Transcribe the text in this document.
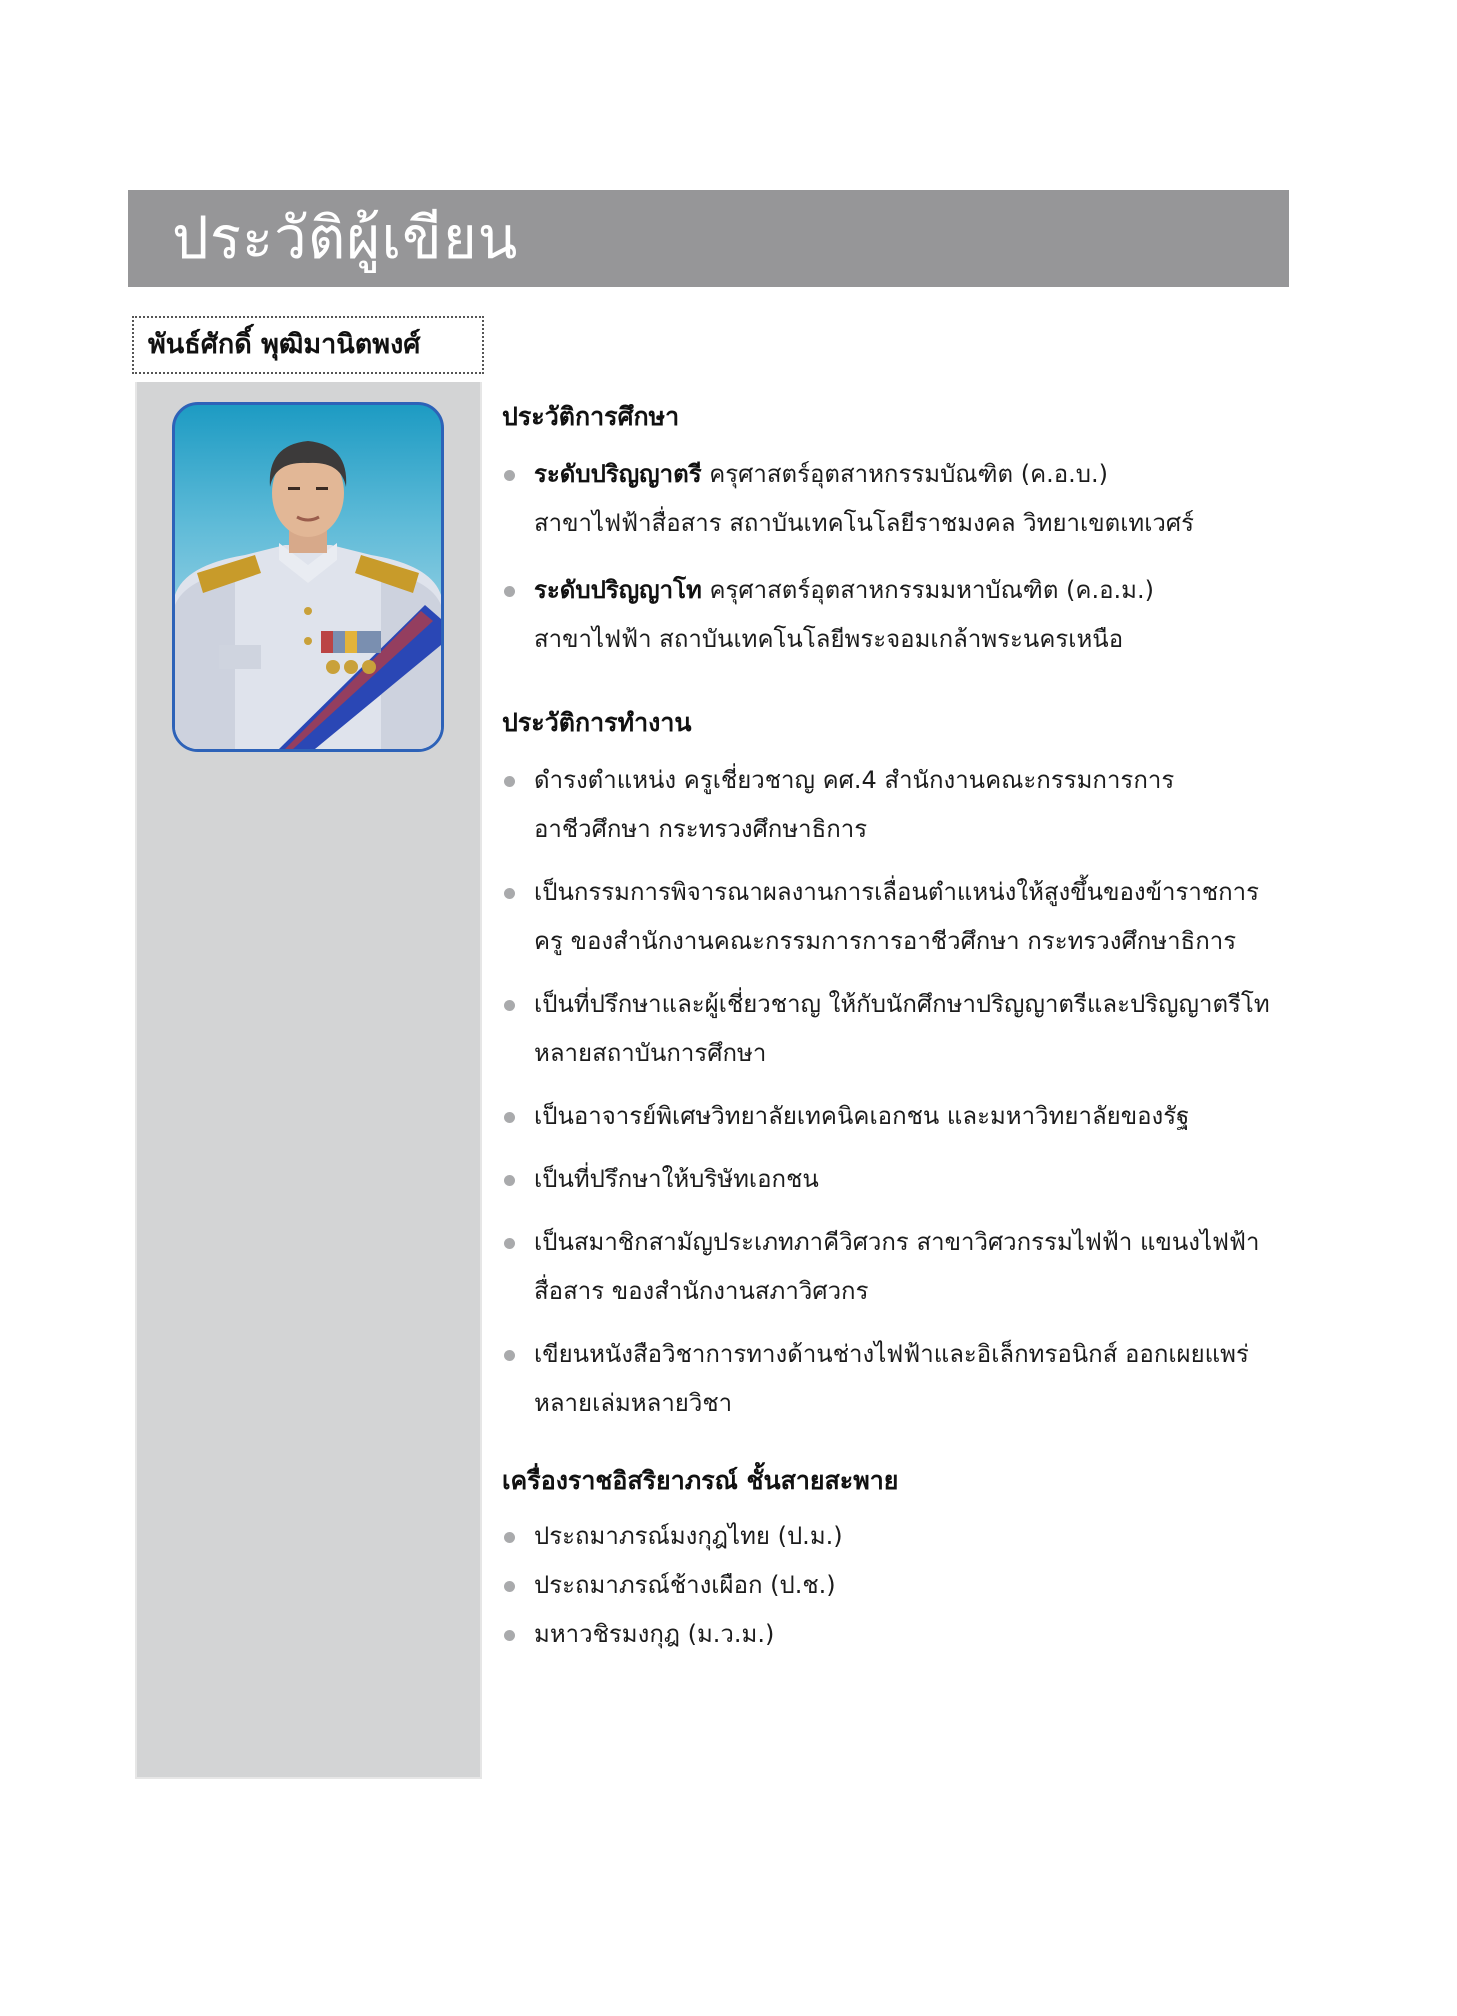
ประวัติผู้เขียน
พันธ์ศักดิ์ พุฒิมานิตพงศ์
ประวัติการศึกษา
ระดับปริญญาตรี ครุศาสตร์อุตสาหกรรมบัณฑิต (ค.อ.บ.)
สาขาไฟฟ้าสื่อสาร สถาบันเทคโนโลยีราชมงคล วิทยาเขตเทเวศร์
ระดับปริญญาโท ครุศาสตร์อุตสาหกรรมมหาบัณฑิต (ค.อ.ม.)
สาขาไฟฟ้า สถาบันเทคโนโลยีพระจอมเกล้าพระนครเหนือ
ประวัติการทำงาน
ดำรงตำแหน่ง ครูเชี่ยวชาญ คศ.4 สำนักงานคณะกรรมการการ
อาชีวศึกษา กระทรวงศึกษาธิการ
เป็นกรรมการพิจารณาผลงานการเลื่อนตำแหน่งให้สูงขึ้นของข้าราชการ
ครู ของสำนักงานคณะกรรมการการอาชีวศึกษา กระทรวงศึกษาธิการ
เป็นที่ปรึกษาและผู้เชี่ยวชาญ ให้กับนักศึกษาปริญญาตรีและปริญญาตรีโท
หลายสถาบันการศึกษา
เป็นอาจารย์พิเศษวิทยาลัยเทคนิคเอกชน และมหาวิทยาลัยของรัฐ
เป็นที่ปรึกษาให้บริษัทเอกชน
เป็นสมาชิกสามัญประเภทภาคีวิศวกร สาขาวิศวกรรมไฟฟ้า แขนงไฟฟ้า
สื่อสาร ของสำนักงานสภาวิศวกร
เขียนหนังสือวิชาการทางด้านช่างไฟฟ้าและอิเล็กทรอนิกส์ ออกเผยแพร่
หลายเล่มหลายวิชา
เครื่องราชอิสริยาภรณ์ ชั้นสายสะพาย
ประถมาภรณ์มงกุฎไทย (ป.ม.)
ประถมาภรณ์ช้างเผือก (ป.ช.)
มหาวชิรมงกุฎ (ม.ว.ม.)
